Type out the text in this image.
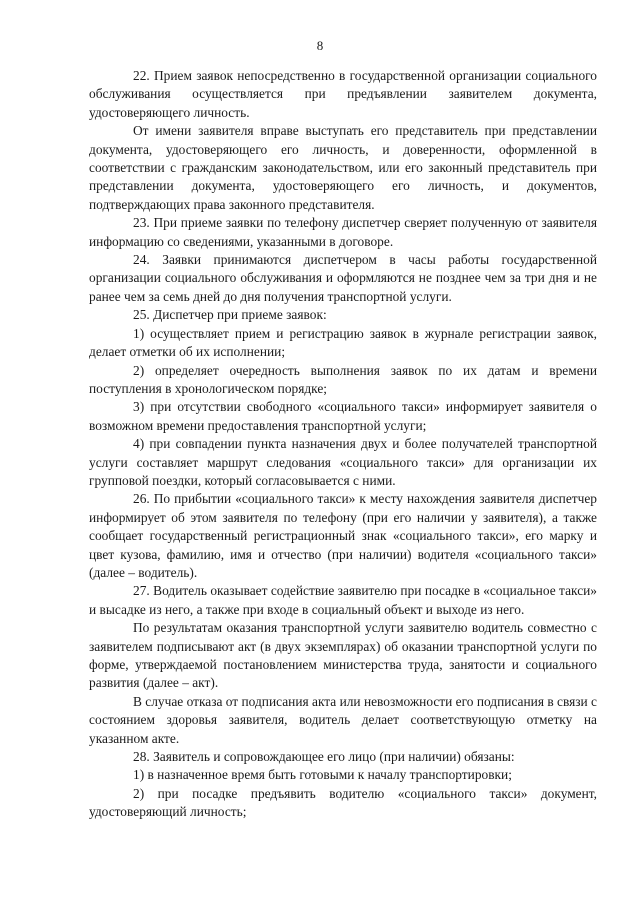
8

22. Прием заявок непосредственно в государственной организации социального обслуживания осуществляется при предъявлении заявителем документа, удостоверяющего личность.

От имени заявителя вправе выступать его представитель при представлении документа, удостоверяющего его личность, и доверенности, оформленной в соответствии с гражданским законодательством, или его законный представитель при представлении документа, удостоверяющего его личность, и документов, подтверждающих права законного представителя.

23. При приеме заявки по телефону диспетчер сверяет полученную от заявителя информацию со сведениями, указанными в договоре.

24. Заявки принимаются диспетчером в часы работы государственной организации социального обслуживания и оформляются не позднее чем за три дня и не ранее чем за семь дней до дня получения транспортной услуги.

25. Диспетчер при приеме заявок:

1) осуществляет прием и регистрацию заявок в журнале регистрации заявок, делает отметки об их исполнении;

2) определяет очередность выполнения заявок по их датам и времени поступления в хронологическом порядке;

3) при отсутствии свободного «социального такси» информирует заявителя о возможном времени предоставления транспортной услуги;

4) при совпадении пункта назначения двух и более получателей транспортной услуги составляет маршрут следования «социального такси» для организации их групповой поездки, который согласовывается с ними.

26. По прибытии «социального такси» к месту нахождения заявителя диспетчер информирует об этом заявителя по телефону (при его наличии у заявителя), а также сообщает государственный регистрационный знак «социального такси», его марку и цвет кузова, фамилию, имя и отчество (при наличии) водителя «социального такси» (далее – водитель).

27. Водитель оказывает содействие заявителю при посадке в «социальное такси» и высадке из него, а также при входе в социальный объект и выходе из него.

По результатам оказания транспортной услуги заявителю водитель совместно с заявителем подписывают акт (в двух экземплярах) об оказании транспортной услуги по форме, утверждаемой постановлением министерства труда, занятости и социального развития (далее – акт).

В случае отказа от подписания акта или невозможности его подписания в связи с состоянием здоровья заявителя, водитель делает соответствующую отметку на указанном акте.

28. Заявитель и сопровождающее его лицо (при наличии) обязаны:

1) в назначенное время быть готовыми к началу транспортировки;

2) при посадке предъявить водителю «социального такси» документ, удостоверяющий личность;
